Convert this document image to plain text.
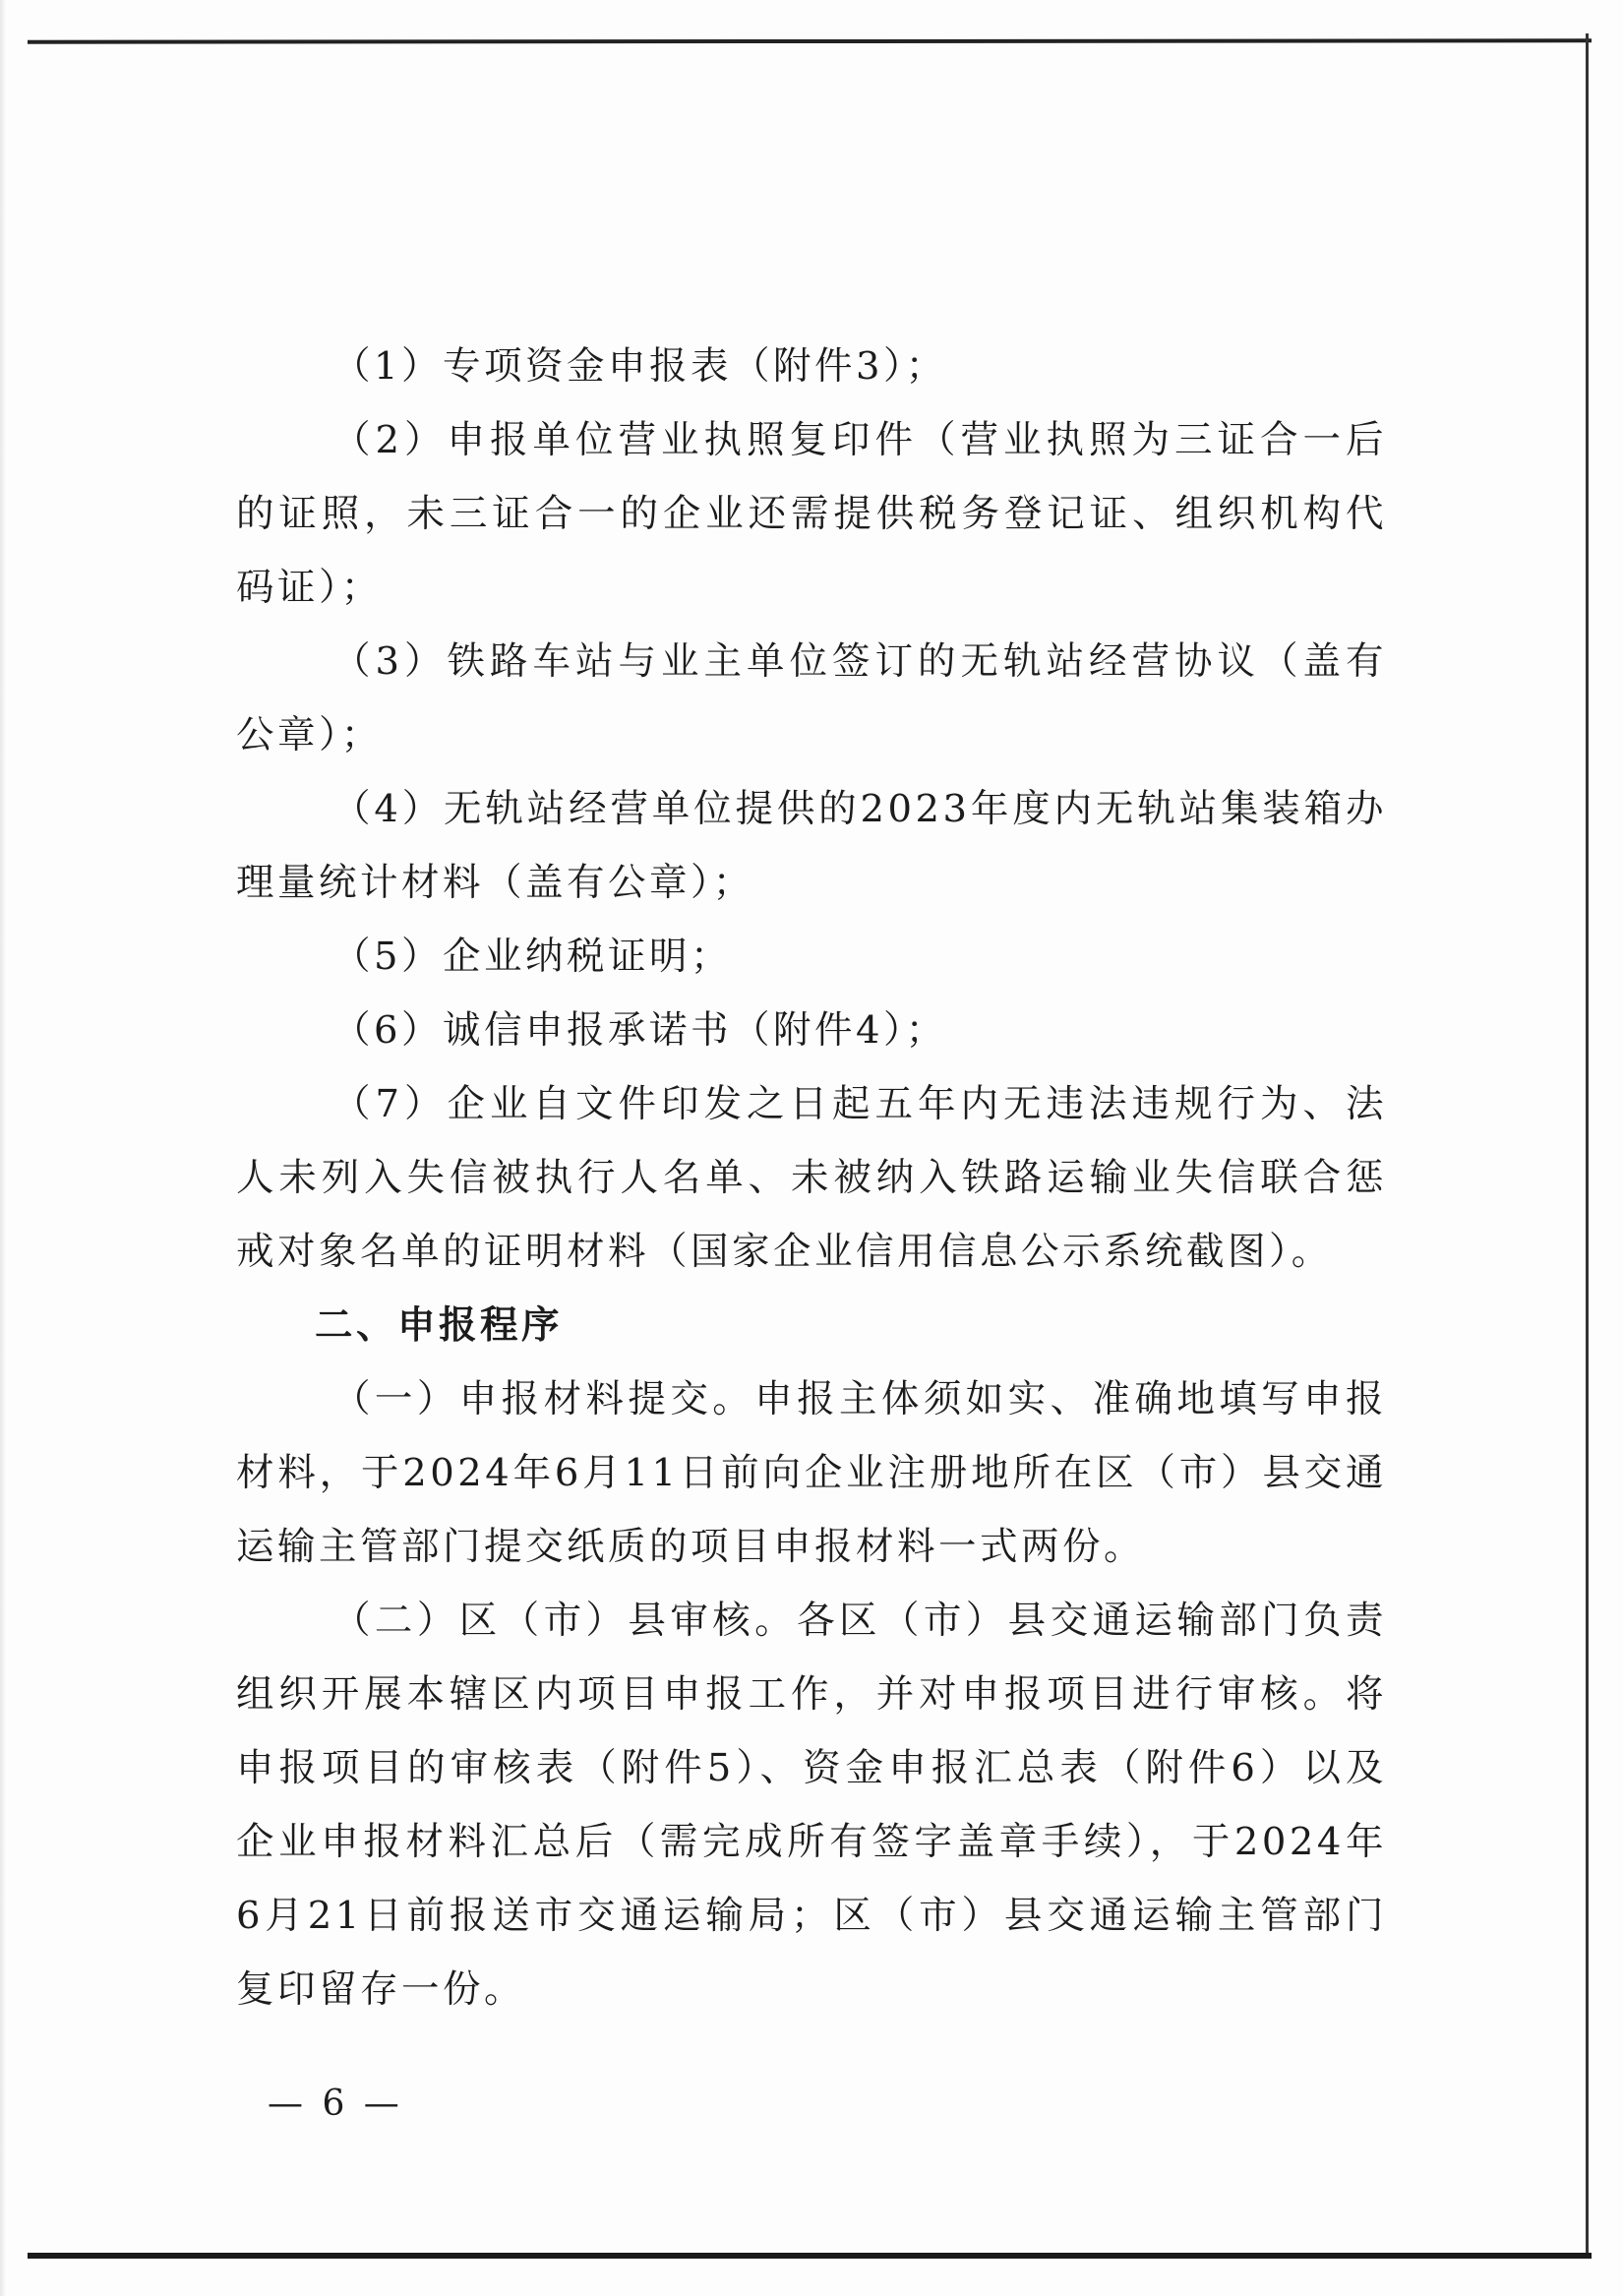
（1）专项资金申报表（附件3）；

（2）申报单位营业执照复印件（营业执照为三证合一后的证照，未三证合一的企业还需提供税务登记证、组织机构代码证）；

（3）铁路车站与业主单位签订的无轨站经营协议（盖有公章）；

（4）无轨站经营单位提供的2023年度内无轨站集装箱办理量统计材料（盖有公章）；

（5）企业纳税证明；

（6）诚信申报承诺书（附件4）；

（7）企业自文件印发之日起五年内无违法违规行为、法人未列入失信被执行人名单、未被纳入铁路运输业失信联合惩戒对象名单的证明材料（国家企业信用信息公示系统截图）。

二、申报程序

（一）申报材料提交。申报主体须如实、准确地填写申报材料，于2024年6月11日前向企业注册地所在区（市）县交通运输主管部门提交纸质的项目申报材料一式两份。

（二）区（市）县审核。各区（市）县交通运输部门负责组织开展本辖区内项目申报工作，并对申报项目进行审核。将申报项目的审核表（附件5）、资金申报汇总表（附件6）以及企业申报材料汇总后（需完成所有签字盖章手续），于2024年6月21日前报送市交通运输局；区（市）县交通运输主管部门复印留存一份。

— 6 —
